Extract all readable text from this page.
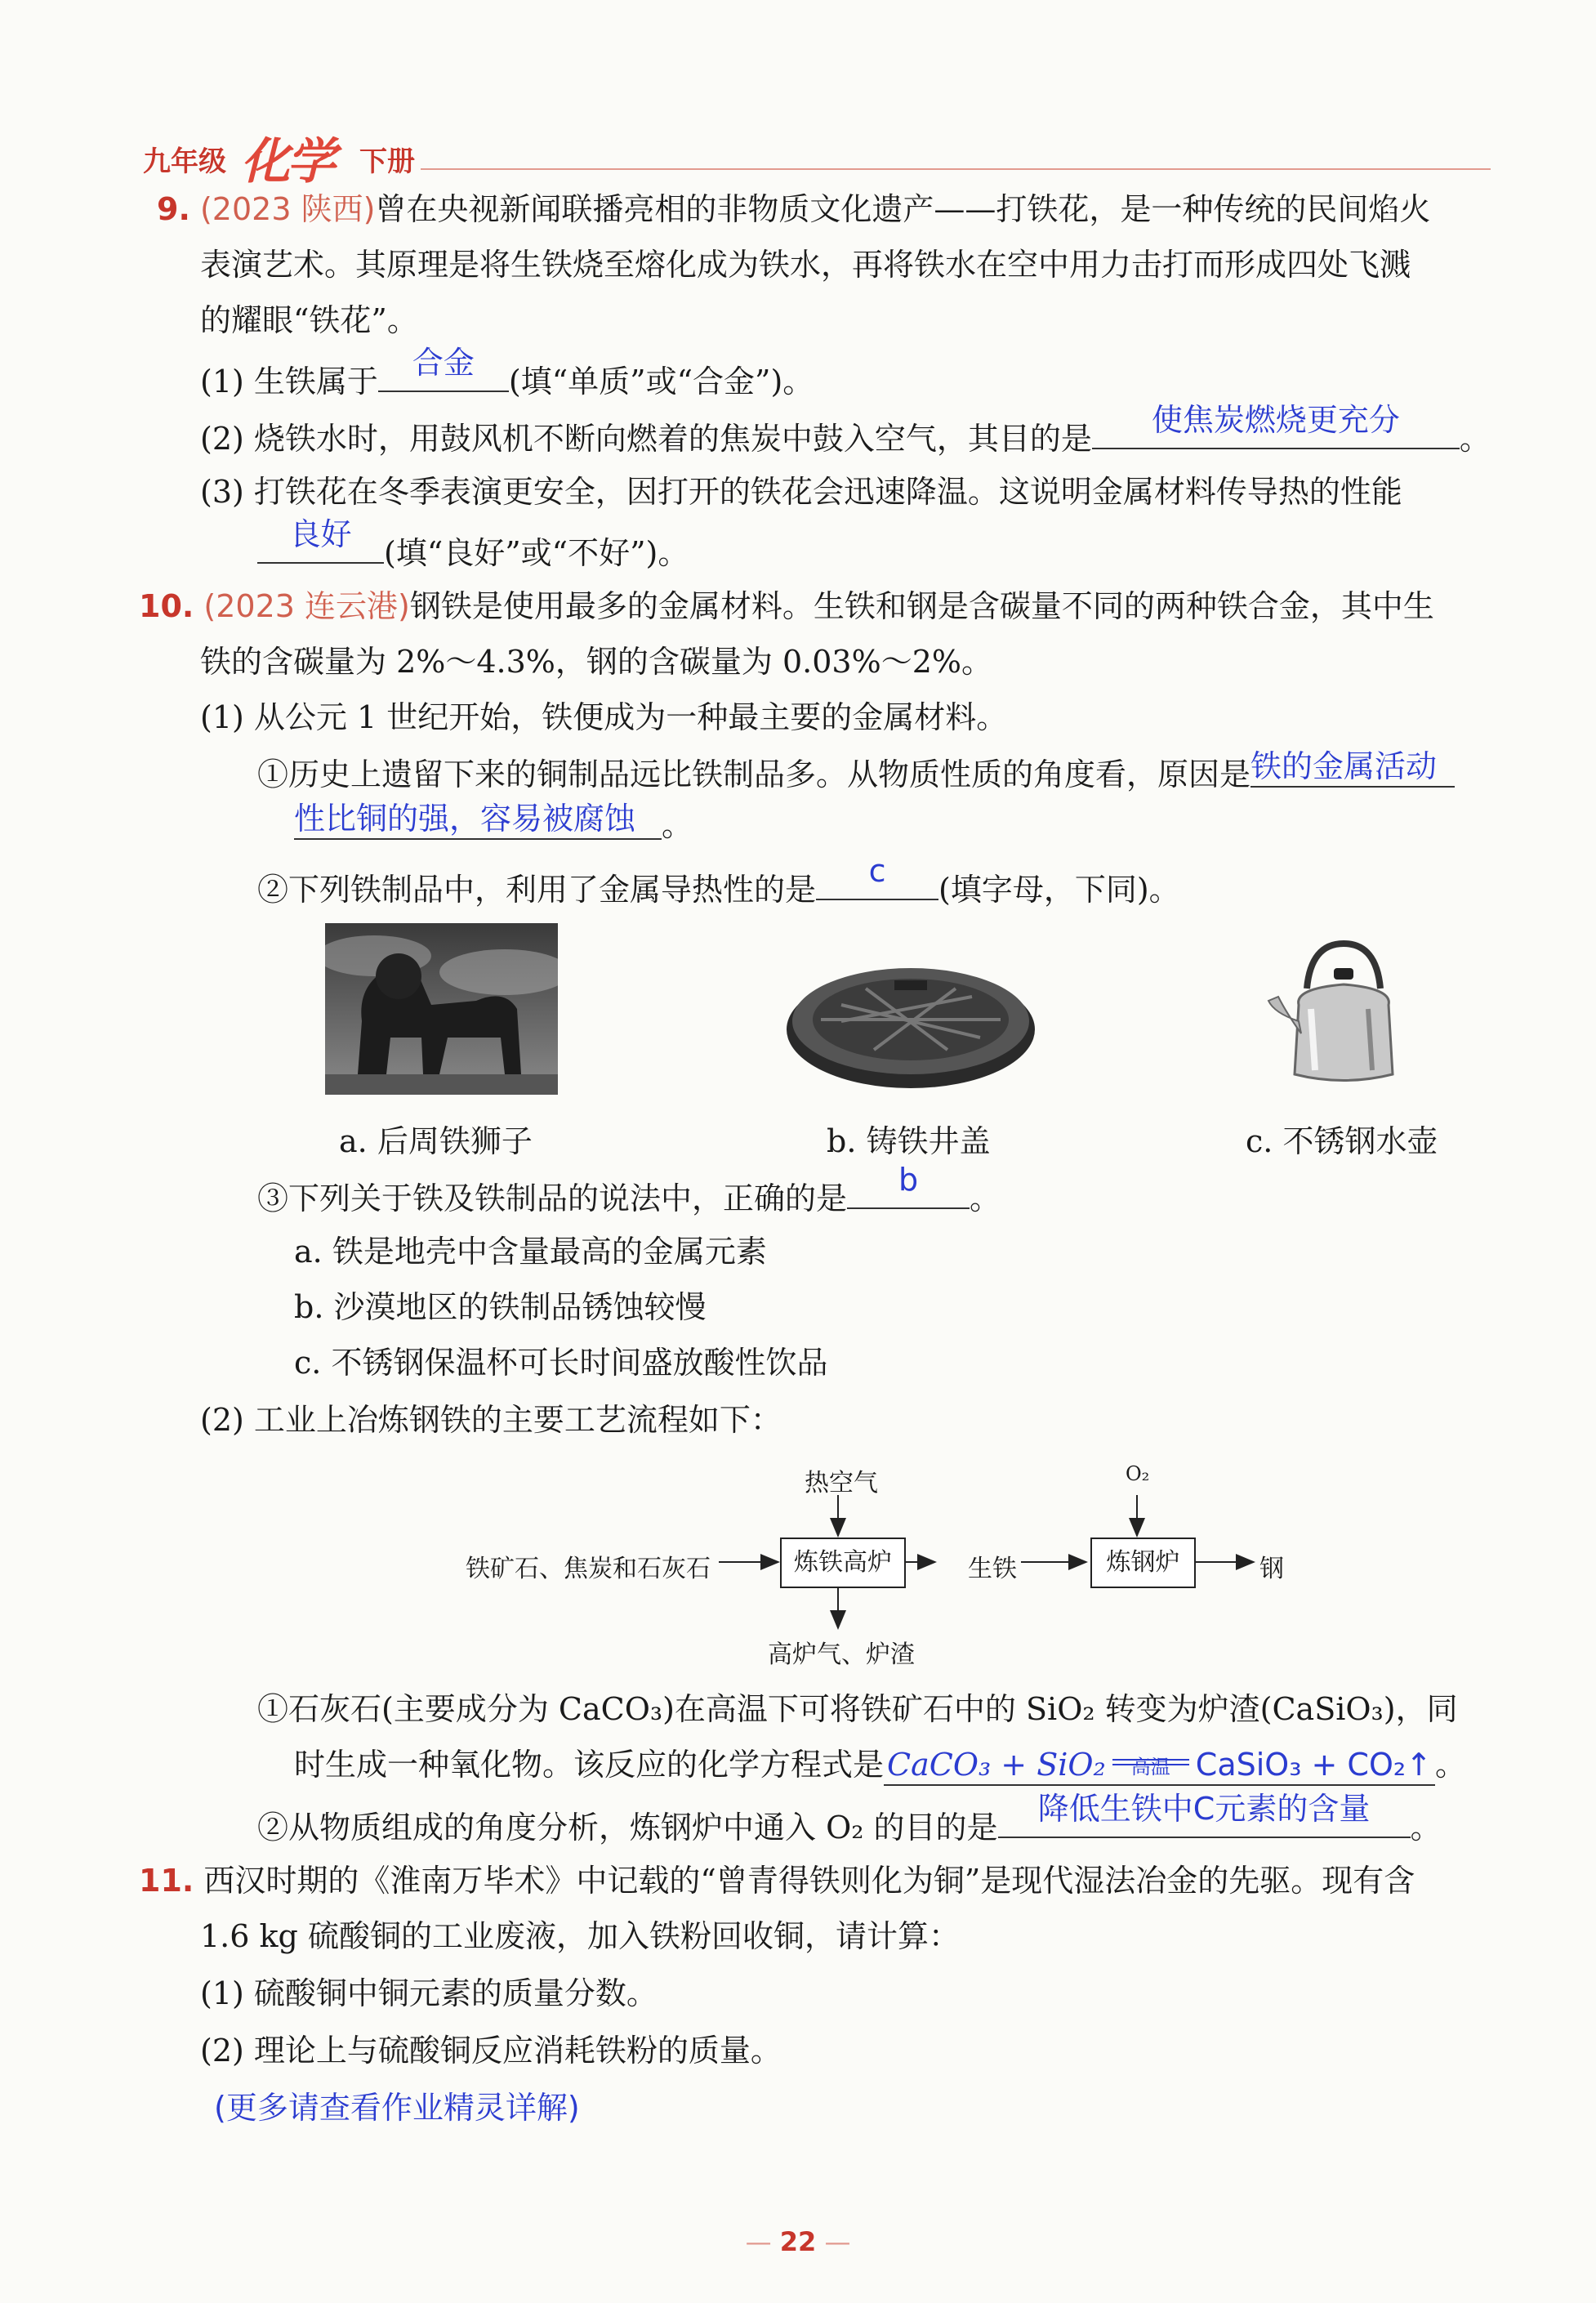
九年级 化学 下册
9. (2023 陕西)曾在央视新闻联播亮相的非物质文化遗产——打铁花，是一种传统的民间焰火
表演艺术。其原理是将生铁烧至熔化成为铁水，再将铁水在空中用力击打而形成四处飞溅
的耀眼“铁花”。
(1) 生铁属于
合金
(填“单质”或“合金”)。
(2) 烧铁水时，用鼓风机不断向燃着的焦炭中鼓入空气，其目的是
使焦炭燃烧更充分
。
(3) 打铁花在冬季表演更安全，因打开的铁花会迅速降温。这说明金属材料传导热的性能
良好
(填“良好”或“不好”)。
10. (2023 连云港)钢铁是使用最多的金属材料。生铁和钢是含碳量不同的两种铁合金，其中生
铁的含碳量为 2%～4.3%，钢的含碳量为 0.03%～2%。
(1) 从公元 1 世纪开始，铁便成为一种最主要的金属材料。
①历史上遗留下来的铜制品远比铁制品多。从物质性质的角度看，原因是铁的金属活动
性比铜的强，容易被腐蚀 。
②下列铁制品中，利用了金属导热性的是
c
(填字母，下同)。
a. 后周铁狮子	b. 铸铁井盖	c. 不锈钢水壶
③下列关于铁及铁制品的说法中，正确的是
b
。
a. 铁是地壳中含量最高的金属元素
b. 沙漠地区的铁制品锈蚀较慢
c. 不锈钢保温杯可长时间盛放酸性饮品
(2) 工业上冶炼钢铁的主要工艺流程如下：
铁矿石、焦炭和石灰石	炼铁高炉
热空气
高炉气、炉渣
生铁	炼钢炉
O₂
钢
①石灰石(主要成分为 CaCO₃)在高温下可将铁矿石中的 SiO₂ 转变为炉渣(CaSiO₃)，同
时生成一种氧化物。该反应的化学方程式是 CaCO₃ + SiO₂	高温 CaSiO₃ + CO₂↑ 。
②从物质组成的角度分析，炼钢炉中通入 O₂ 的目的是
降低生铁中C元素的含量
。
11. 西汉时期的《淮南万毕术》中记载的“曾青得铁则化为铜”是现代湿法冶金的先驱。现有含
1.6 kg 硫酸铜的工业废液，加入铁粉回收铜，请计算：
(1) 硫酸铜中铜元素的质量分数。
(2) 理论上与硫酸铜反应消耗铁粉的质量。
(更多请查看作业精灵详解)
— 22 —
